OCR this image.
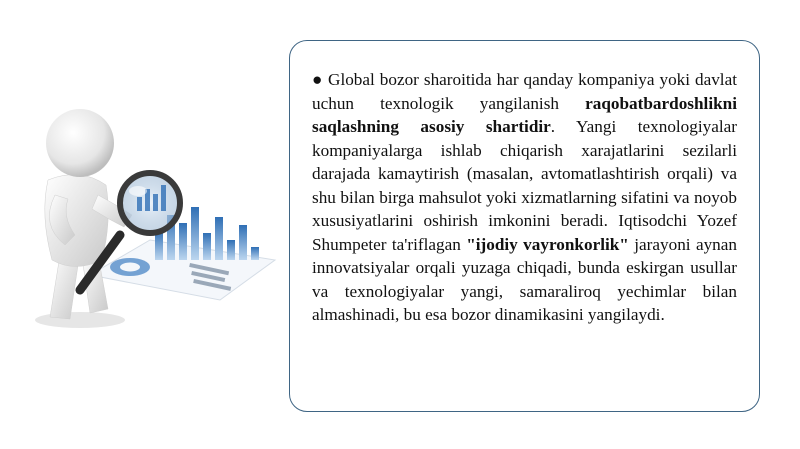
● Global bozor sharoitida har qanday kompaniya yoki davlat uchun texnologik yangilanish raqobatbardoshlikni saqlashning asosiy shartidir. Yangi texnologiyalar kompaniyalarga ishlab chiqarish xarajatlarini sezilarli darajada kamaytirish (masalan, avtomatlashtirish orqali) va shu bilan birga mahsulot yoki xizmatlarning sifatini va noyob xususiyatlarini oshirish imkonini beradi. Iqtisodchi Yozef Shumpeter ta'riflagan "ijodiy vayronkorlik" jarayoni aynan innovatsiyalar orqali yuzaga chiqadi, bunda eskirgan usullar va texnologiyalar yangi, samaraliroq yechimlar bilan almashinadi, bu esa bozor dinamikasini yangilaydi.
